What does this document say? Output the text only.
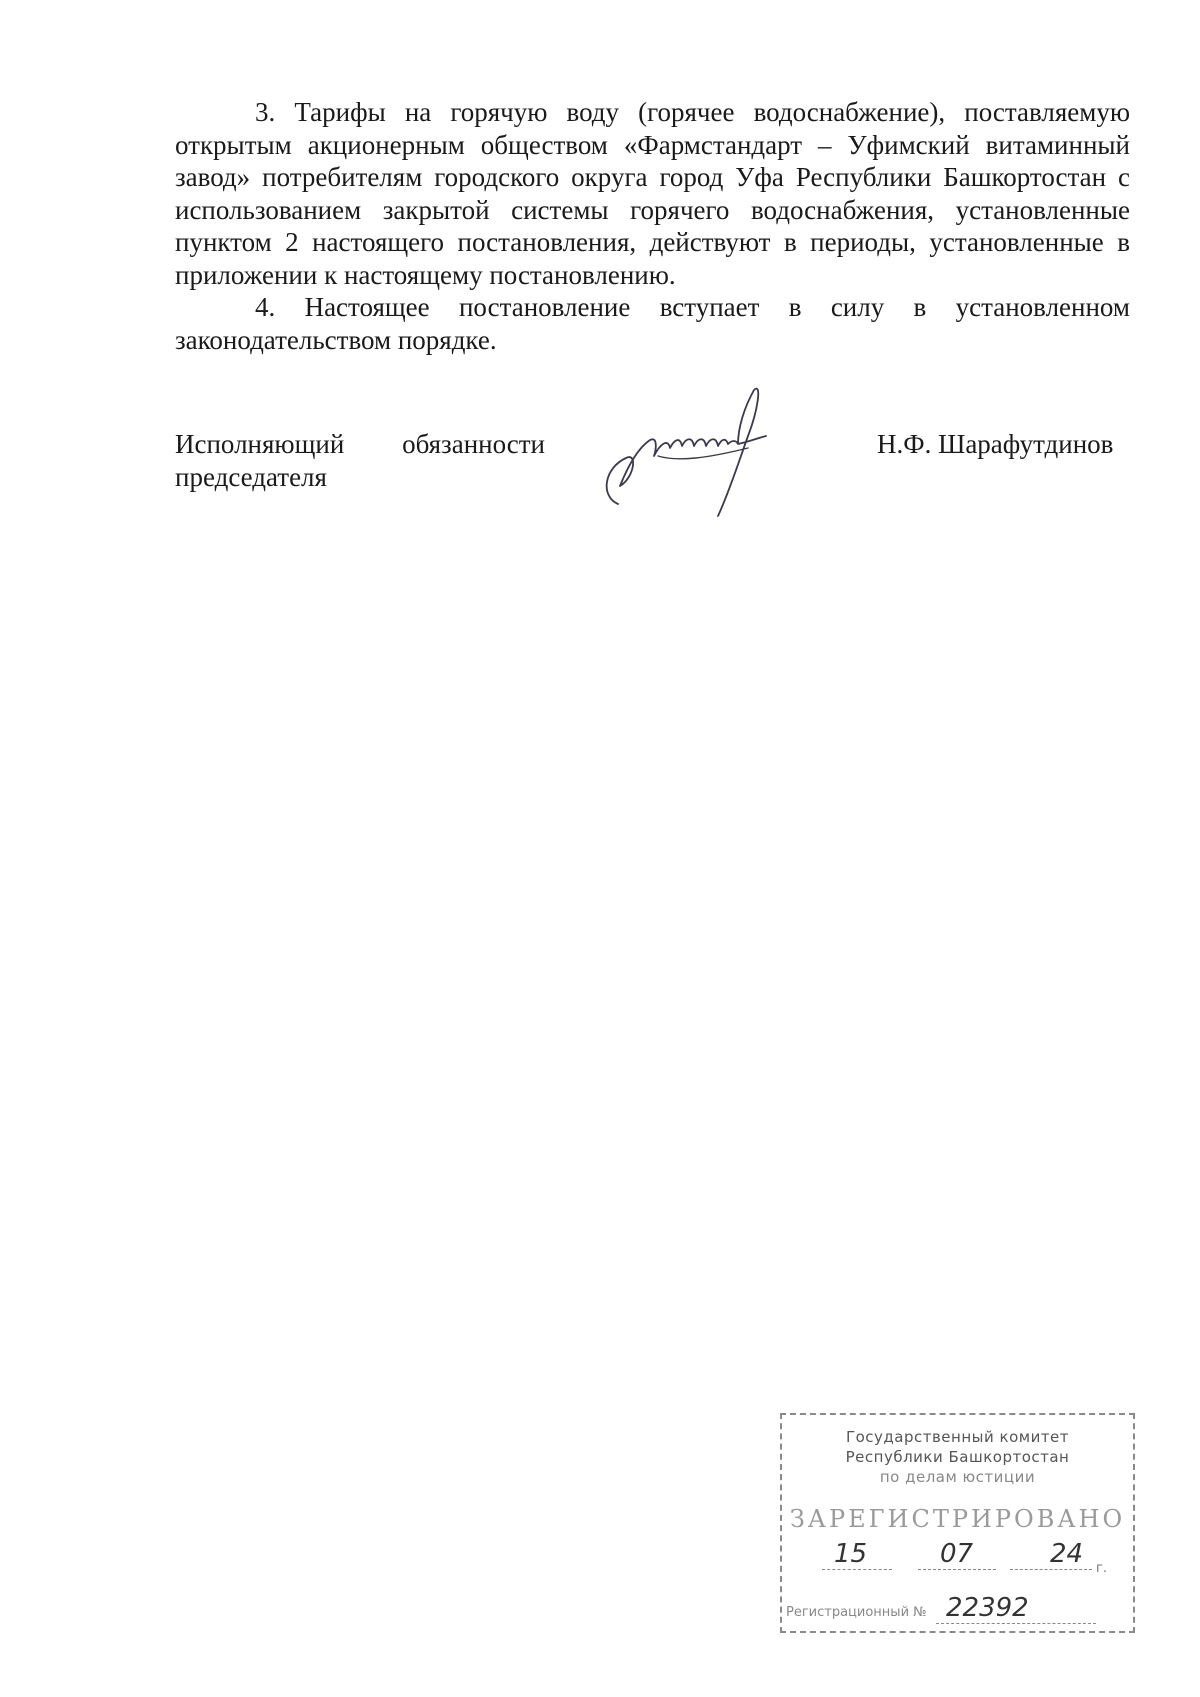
3. Тарифы на горячую воду (горячее водоснабжение), поставляемую открытым акционерным обществом «Фармстандарт – Уфимский витаминный завод» потребителям городского округа город Уфа Республики Башкортостан с использованием закрытой системы горячего водоснабжения, установленные пунктом 2 настоящего постановления, действуют в периоды, установленные в приложении к настоящему постановлению.

4. Настоящее постановление вступает в силу в установленном законодательством порядке.

Исполняющий обязанности
председателя
Н.Ф. Шарафутдинов
Государственный комитет
Республики Башкортостан
по делам юстиции
ЗАРЕГИСТРИРОВАНО
15	07	24 г.
Регистрационный № 22392
